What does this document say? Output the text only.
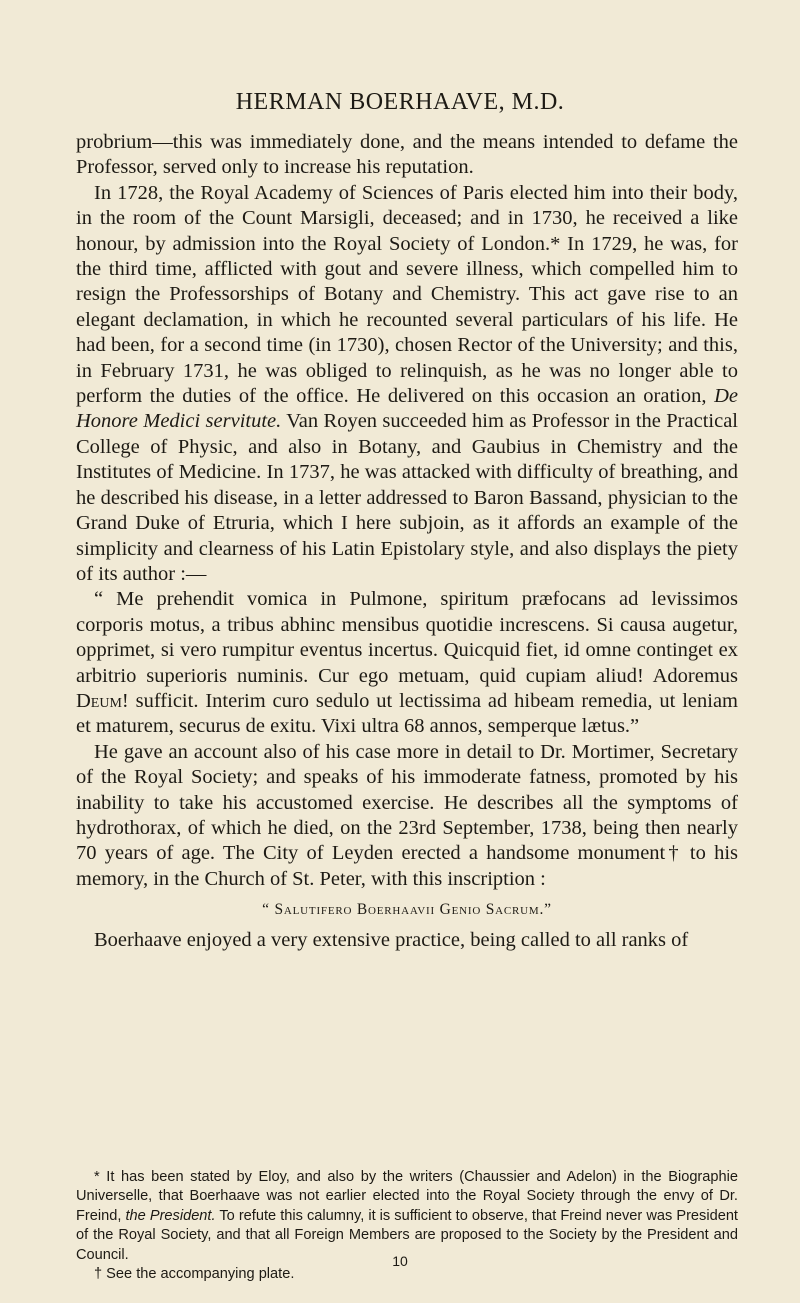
HERMAN BOERHAAVE, M.D.

probrium—this was immediately done, and the means intended to defame the Professor, served only to increase his reputation.

In 1728, the Royal Academy of Sciences of Paris elected him into their body, in the room of the Count Marsigli, deceased; and in 1730, he received a like honour, by admission into the Royal Society of London.* In 1729, he was, for the third time, afflicted with gout and severe illness, which compelled him to resign the Professorships of Botany and Chemistry. This act gave rise to an elegant declamation, in which he recounted several particulars of his life. He had been, for a second time (in 1730), chosen Rector of the University; and this, in February 1731, he was obliged to relinquish, as he was no longer able to perform the duties of the office. He delivered on this occasion an oration, De Honore Medici servitute. Van Royen succeeded him as Professor in the Practical College of Physic, and also in Botany, and Gaubius in Chemistry and the Institutes of Medicine. In 1737, he was attacked with difficulty of breathing, and he described his disease, in a letter addressed to Baron Bassand, physician to the Grand Duke of Etruria, which I here subjoin, as it affords an example of the simplicity and clearness of his Latin Epistolary style, and also displays the piety of its author :—

“ Me prehendit vomica in Pulmone, spiritum præfocans ad levissimos corporis motus, a tribus abhinc mensibus quotidie increscens. Si causa augetur, opprimet, si vero rumpitur eventus incertus. Quicquid fiet, id omne continget ex arbitrio superioris numinis. Cur ego metuam, quid cupiam aliud! Adoremus Deum! sufficit. Interim curo sedulo ut lectissima ad hibeam remedia, ut leniam et maturem, securus de exitu. Vixi ultra 68 annos, semperque lætus.”

He gave an account also of his case more in detail to Dr. Mortimer, Secretary of the Royal Society; and speaks of his immoderate fatness, promoted by his inability to take his accustomed exercise. He describes all the symptoms of hydrothorax, of which he died, on the 23rd September, 1738, being then nearly 70 years of age. The City of Leyden erected a handsome monument† to his memory, in the Church of St. Peter, with this inscription :

“ Salutifero Boerhaavii Genio Sacrum.”

Boerhaave enjoyed a very extensive practice, being called to all ranks of

* It has been stated by Eloy, and also by the writers (Chaussier and Adelon) in the Biographie Universelle, that Boerhaave was not earlier elected into the Royal Society through the envy of Dr. Freind, the President. To refute this calumny, it is sufficient to observe, that Freind never was President of the Royal Society, and that all Foreign Members are proposed to the Society by the President and Council.

† See the accompanying plate.

10
